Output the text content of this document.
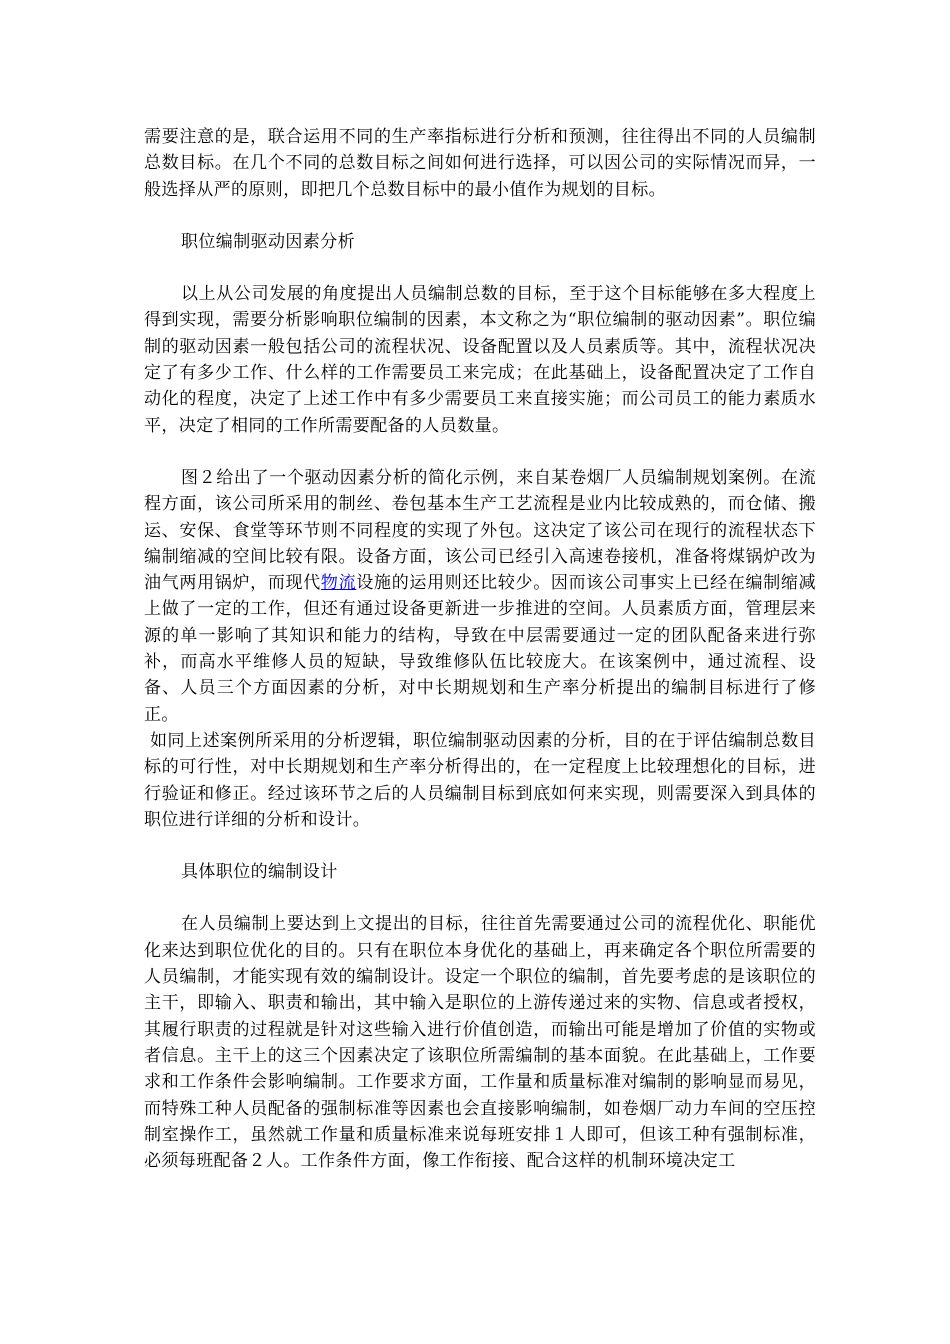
需要注意的是，联合运用不同的生产率指标进行分析和预测，往往得出不同的人员编制总数目标。在几个不同的总数目标之间如何进行选择，可以因公司的实际情况而异，一般选择从严的原则，即把几个总数目标中的最小值作为规划的目标。

职位编制驱动因素分析

以上从公司发展的角度提出人员编制总数的目标，至于这个目标能够在多大程度上得到实现，需要分析影响职位编制的因素，本文称之为“职位编制的驱动因素”。职位编制的驱动因素一般包括公司的流程状况、设备配置以及人员素质等。其中，流程状况决定了有多少工作、什么样的工作需要员工来完成；在此基础上，设备配置决定了工作自动化的程度，决定了上述工作中有多少需要员工来直接实施；而公司员工的能力素质水平，决定了相同的工作所需要配备的人员数量。

图２给出了一个驱动因素分析的简化示例，来自某卷烟厂人员编制规划案例。在流程方面，该公司所采用的制丝、卷包基本生产工艺流程是业内比较成熟的，而仓储、搬运、安保、食堂等环节则不同程度的实现了外包。这决定了该公司在现行的流程状态下编制缩减的空间比较有限。设备方面，该公司已经引入高速卷接机，准备将煤锅炉改为油气两用锅炉，而现代物流设施的运用则还比较少。因而该公司事实上已经在编制缩减上做了一定的工作，但还有通过设备更新进一步推进的空间。人员素质方面，管理层来源的单一影响了其知识和能力的结构，导致在中层需要通过一定的团队配备来进行弥补，而高水平维修人员的短缺，导致维修队伍比较庞大。在该案例中，通过流程、设备、人员三个方面因素的分析，对中长期规划和生产率分析提出的编制目标进行了修正。
如同上述案例所采用的分析逻辑，职位编制驱动因素的分析，目的在于评估编制总数目标的可行性，对中长期规划和生产率分析得出的，在一定程度上比较理想化的目标，进行验证和修正。经过该环节之后的人员编制目标到底如何来实现，则需要深入到具体的职位进行详细的分析和设计。

具体职位的编制设计

在人员编制上要达到上文提出的目标，往往首先需要通过公司的流程优化、职能优化来达到职位优化的目的。只有在职位本身优化的基础上，再来确定各个职位所需要的人员编制，才能实现有效的编制设计。设定一个职位的编制，首先要考虑的是该职位的主干，即输入、职责和输出，其中输入是职位的上游传递过来的实物、信息或者授权，其履行职责的过程就是针对这些输入进行价值创造，而输出可能是增加了价值的实物或者信息。主干上的这三个因素决定了该职位所需编制的基本面貌。在此基础上，工作要求和工作条件会影响编制。工作要求方面，工作量和质量标准对编制的影响显而易见，而特殊工种人员配备的强制标准等因素也会直接影响编制，如卷烟厂动力车间的空压控制室操作工，虽然就工作量和质量标准来说每班安排１人即可，但该工种有强制标准，必须每班配备２人。工作条件方面，像工作衔接、配合这样的机制环境决定工
